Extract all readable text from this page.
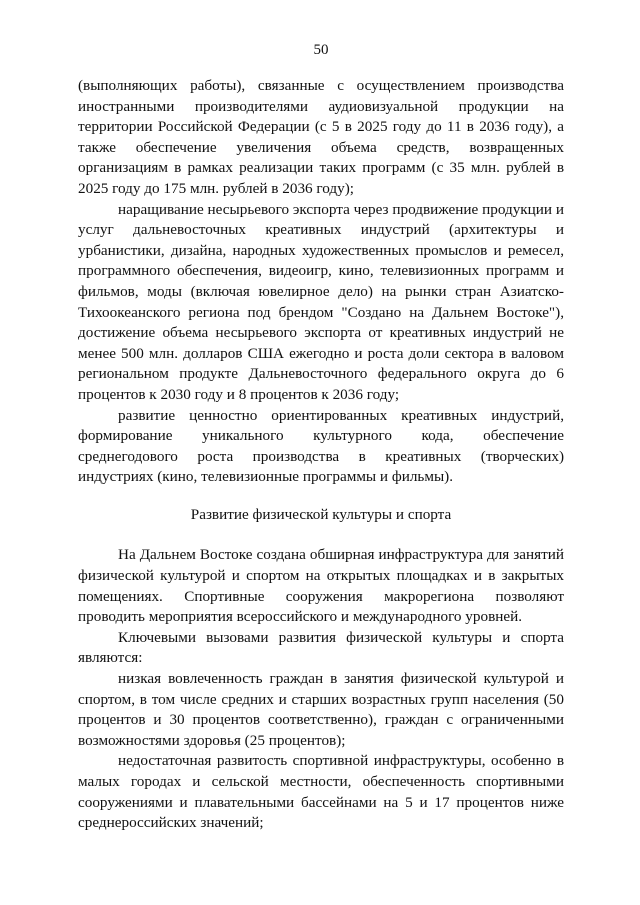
50

(выполняющих работы), связанные с осуществлением производства иностранными производителями аудиовизуальной продукции на территории Российской Федерации (с 5 в 2025 году до 11 в 2036 году), а также обеспечение увеличения объема средств, возвращенных организациям в рамках реализации таких программ (с 35 млн. рублей в 2025 году до 175 млн. рублей в 2036 году);

наращивание несырьевого экспорта через продвижение продукции и услуг дальневосточных креативных индустрий (архитектуры и урбанистики, дизайна, народных художественных промыслов и ремесел, программного обеспечения, видеоигр, кино, телевизионных программ и фильмов, моды (включая ювелирное дело) на рынки стран Азиатско-Тихоокеанского региона под брендом "Создано на Дальнем Востоке"), достижение объема несырьевого экспорта от креативных индустрий не менее 500 млн. долларов США ежегодно и роста доли сектора в валовом региональном продукте Дальневосточного федерального округа до 6 процентов к 2030 году и 8 процентов к 2036 году;

развитие ценностно ориентированных креативных индустрий, формирование уникального культурного кода, обеспечение среднегодового роста производства в креативных (творческих) индустриях (кино, телевизионные программы и фильмы).

Развитие физической культуры и спорта

На Дальнем Востоке создана обширная инфраструктура для занятий физической культурой и спортом на открытых площадках и в закрытых помещениях. Спортивные сооружения макрорегиона позволяют проводить мероприятия всероссийского и международного уровней.

Ключевыми вызовами развития физической культуры и спорта являются:

низкая вовлеченность граждан в занятия физической культурой и спортом, в том числе средних и старших возрастных групп населения (50 процентов и 30 процентов соответственно), граждан с ограниченными возможностями здоровья (25 процентов);

недостаточная развитость спортивной инфраструктуры, особенно в малых городах и сельской местности, обеспеченность спортивными сооружениями и плавательными бассейнами на 5 и 17 процентов ниже среднероссийских значений;
